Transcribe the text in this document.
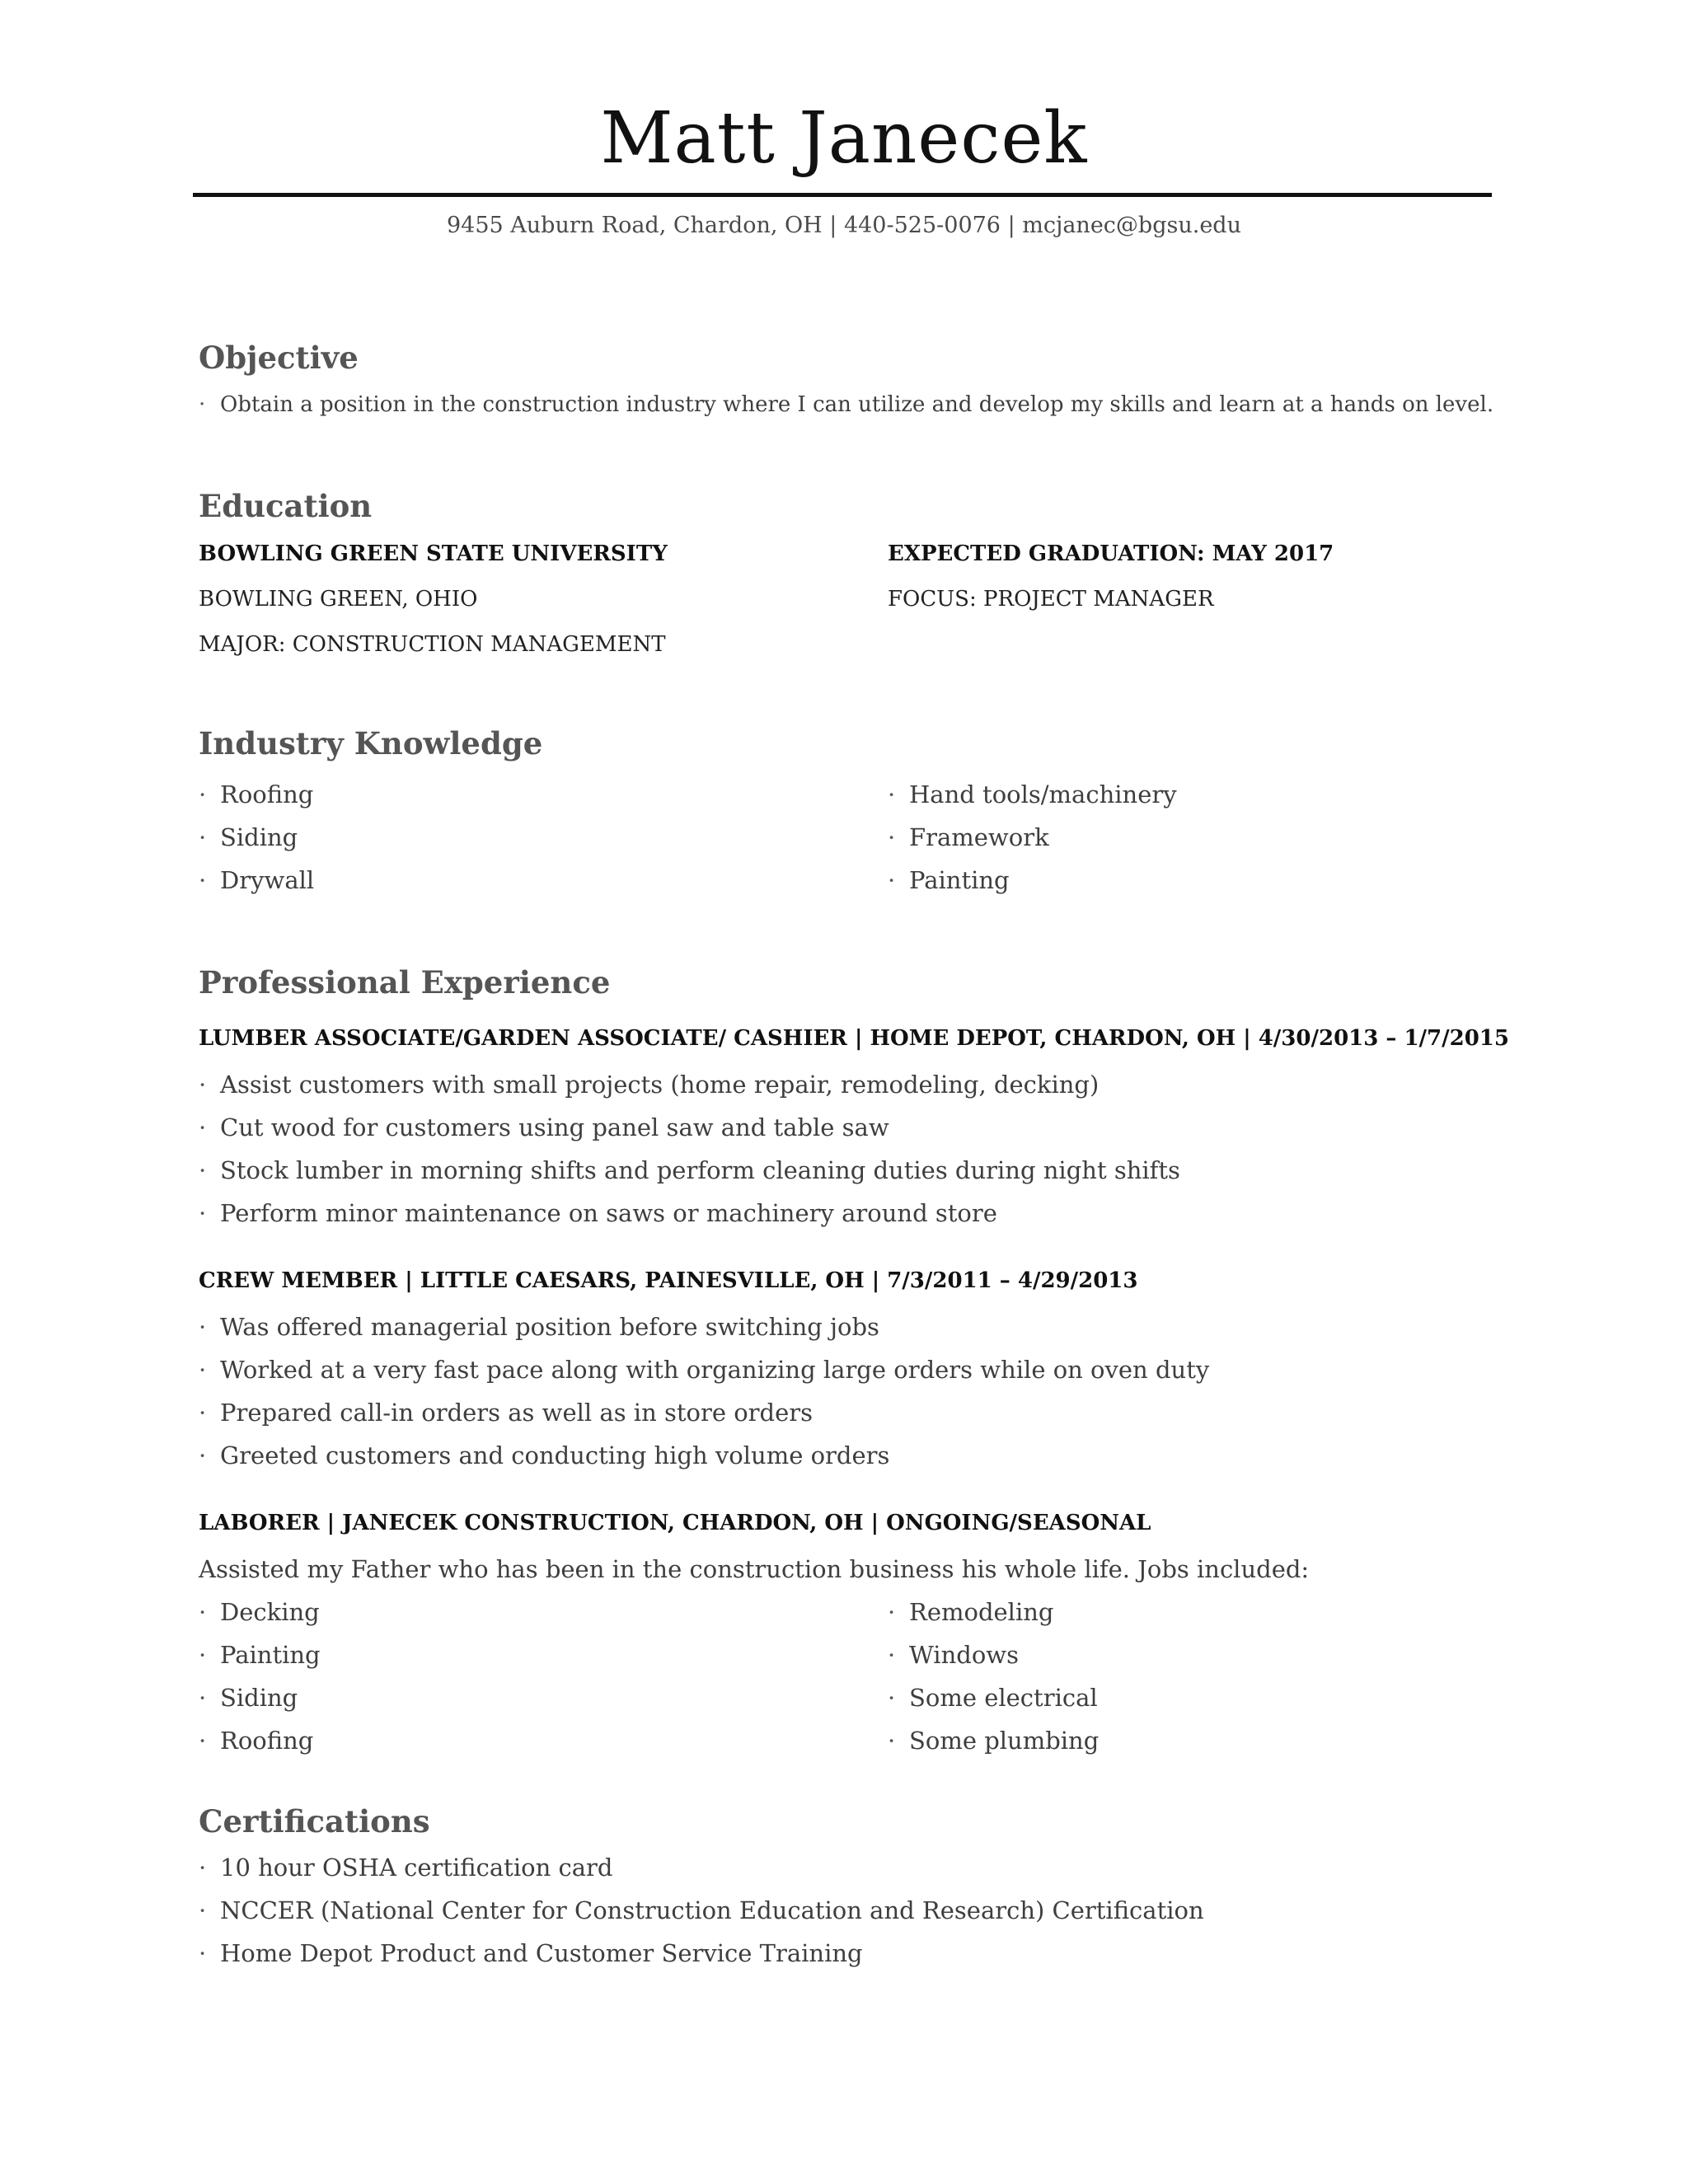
Matt Janecek
9455 Auburn Road, Chardon, OH | 440-525-0076 | mcjanec@bgsu.edu
Objective
· Obtain a position in the construction industry where I can utilize and develop my skills and learn at a hands on level.
Education
BOWLING GREEN STATE UNIVERSITY	EXPECTED GRADUATION: MAY 2017
BOWLING GREEN, OHIO	FOCUS: PROJECT MANAGER
MAJOR: CONSTRUCTION MANAGEMENT
Industry Knowledge
· Roofing
· Siding
· Drywall
· Hand tools/machinery
· Framework
· Painting
Professional Experience
LUMBER ASSOCIATE/GARDEN ASSOCIATE/ CASHIER | HOME DEPOT, CHARDON, OH | 4/30/2013 – 1/7/2015
· Assist customers with small projects (home repair, remodeling, decking)
· Cut wood for customers using panel saw and table saw
· Stock lumber in morning shifts and perform cleaning duties during night shifts
· Perform minor maintenance on saws or machinery around store
CREW MEMBER | LITTLE CAESARS, PAINESVILLE, OH | 7/3/2011 – 4/29/2013
· Was offered managerial position before switching jobs
· Worked at a very fast pace along with organizing large orders while on oven duty
· Prepared call-in orders as well as in store orders
· Greeted customers and conducting high volume orders
LABORER | JANECEK CONSTRUCTION, CHARDON, OH | ONGOING/SEASONAL
Assisted my Father who has been in the construction business his whole life. Jobs included:
· Decking
· Painting
· Siding
· Roofing
· Remodeling
· Windows
· Some electrical
· Some plumbing
Certifications
· 10 hour OSHA certification card
· NCCER (National Center for Construction Education and Research) Certification
· Home Depot Product and Customer Service Training
